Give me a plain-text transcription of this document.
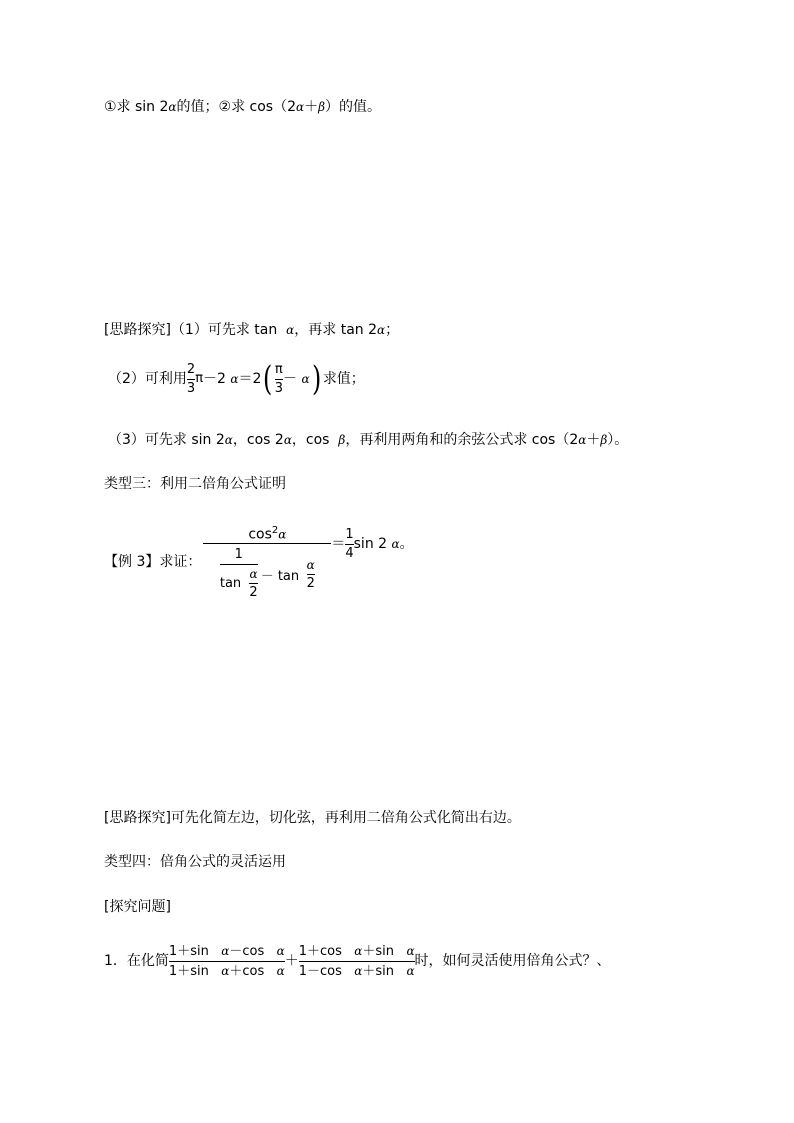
①求 sin 2α的值；②求 cos（2α＋β）的值。
[思路探究]（1）可先求 tan α，再求 tan 2α；
（2）可利用 $\frac{2}{3}$ π －2
α ＝2 ( $\frac{\pi}{3}$ －
α ) 求值；
（3）可先求 sin 2α，cos 2α，cos β，再利用两角和的余弦公式求 cos（2α＋β）。
类型三：利用二倍角公式证明
【例 3】求证：
$\cos^2\alpha$
1
tan
$\frac{\alpha}{2} - \tan$
$\frac{\alpha}{2}$
＝ $\frac{1}{4}$ sin 2
α 。
[思路探究]可先化简左边，切化弦，再利用二倍角公式化简出右边。
类型四：倍角公式的灵活运用
[探究问题]
1．在化简 $\frac{\text{1＋sin α－cos α}}{\text{1＋sin α＋cos α}} + \frac{\text{1＋cos α＋sin α}}{\text{1－cos α＋sin α}}$ 时，如何灵活使用倍角公式？、
